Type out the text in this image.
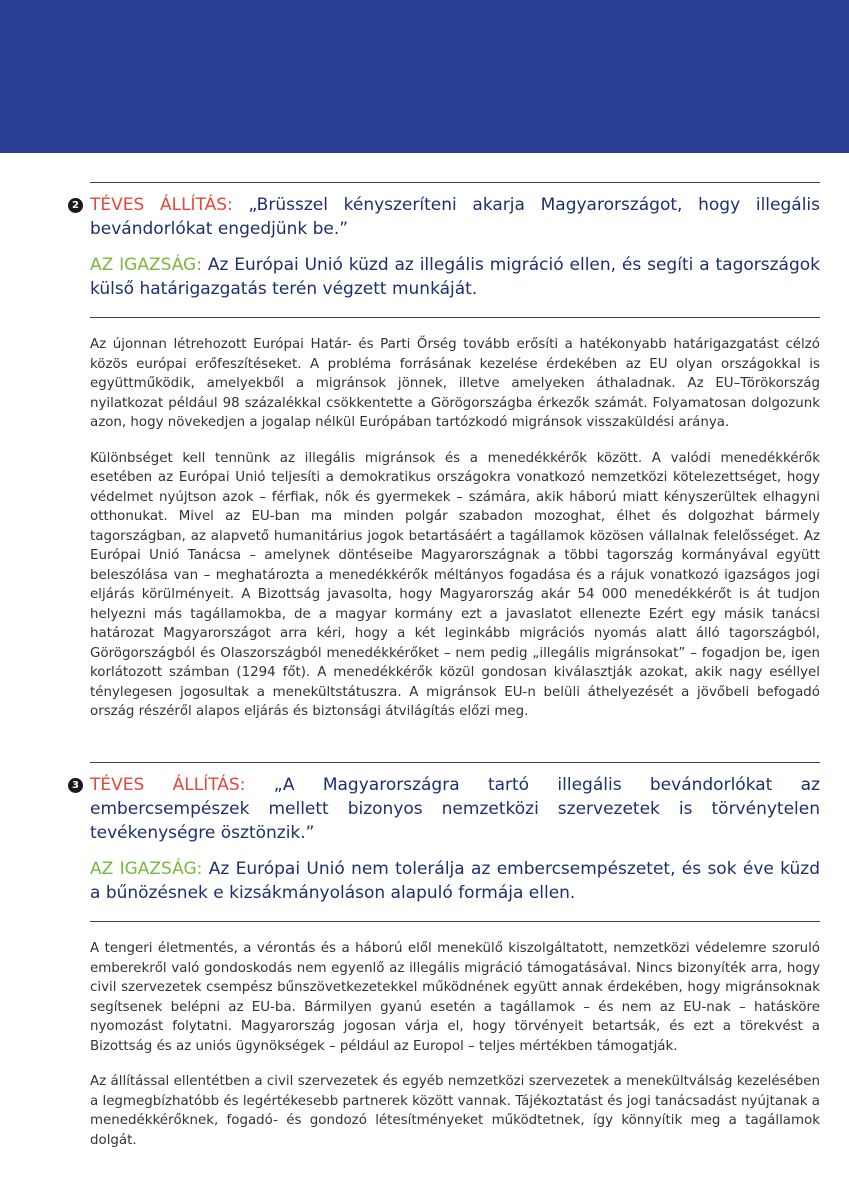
2 TÉVES ÁLLÍTÁS: „Brüsszel kényszeríteni akarja Magyarországot, hogy illegális bevándorlókat engedjünk be.”
AZ IGAZSÁG: Az Európai Unió küzd az illegális migráció ellen, és segíti a tagországok külső határigazgatás terén végzett munkáját.

Az újonnan létrehozott Európai Határ- és Parti Őrség tovább erősíti a hatékonyabb határigazgatást célzó közös európai erőfeszítéseket. A probléma forrásának kezelése érdekében az EU olyan országokkal is együttműködik, amelyekből a migránsok jönnek, illetve amelyeken áthaladnak. Az EU–Törökország nyilatkozat például 98 százalékkal csökkentette a Görögországba érkezők számát. Folyamatosan dolgozunk azon, hogy növekedjen a jogalap nélkül Európában tartózkodó migránsok visszaküldési aránya.

Különbséget kell tennünk az illegális migránsok és a menedékkérők között. A valódi menedékkérők esetében az Európai Unió teljesíti a demokratikus országokra vonatkozó nemzetközi kötelezettséget, hogy védelmet nyújtson azok – férfiak, nők és gyermekek – számára, akik háború miatt kényszerültek elhagyni otthonukat. Mivel az EU-ban ma minden polgár szabadon mozoghat, élhet és dolgozhat bármely tagországban, az alapvető humanitárius jogok betartásáért a tagállamok közösen vállalnak felelősséget. Az Európai Unió Tanácsa – amelynek döntéseibe Magyarországnak a többi tagország kormányával együtt beleszólása van – meghatározta a menedékkérők méltányos fogadása és a rájuk vonatkozó igazságos jogi eljárás körülményeit. A Bizottság javasolta, hogy Magyarország akár 54 000 menedékkérőt is át tudjon helyezni más tagállamokba, de a magyar kormány ezt a javaslatot ellenezte Ezért egy másik tanácsi határozat Magyarországot arra kéri, hogy a két leginkább migrációs nyomás alatt álló tagországból, Görögországból és Olaszországból menedékkérőket – nem pedig „illegális migránsokat” – fogadjon be, igen korlátozott számban (1294 főt). A menedékkérők közül gondosan kiválasztják azokat, akik nagy eséllyel ténylegesen jogosultak a menekültstátuszra. A migránsok EU-n belüli áthelyezését a jövőbeli befogadó ország részéről alapos eljárás és biztonsági átvilágítás előzi meg.

3 TÉVES ÁLLÍTÁS: „A Magyarországra tartó illegális bevándorlókat az embercsempészek mellett bizonyos nemzetközi szervezetek is törvénytelen tevékenységre ösztönzik.”
AZ IGAZSÁG: Az Európai Unió nem tolerálja az embercsempészetet, és sok éve küzd a bűnözésnek e kizsákmányoláson alapuló formája ellen.

A tengeri életmentés, a vérontás és a háború elől menekülő kiszolgáltatott, nemzetközi védelemre szoruló emberekről való gondoskodás nem egyenlő az illegális migráció támogatásával. Nincs bizonyíték arra, hogy civil szervezetek csempész bűnszövetkezetekkel működnének együtt annak érdekében, hogy migránsoknak segítsenek belépni az EU-ba. Bármilyen gyanú esetén a tagállamok – és nem az EU-nak – hatásköre nyomozást folytatni. Magyarország jogosan várja el, hogy törvényeit betartsák, és ezt a törekvést a Bizottság és az uniós ügynökségek – például az Europol – teljes mértékben támogatják.

Az állítással ellentétben a civil szervezetek és egyéb nemzetközi szervezetek a menekültválság kezelésében a legmegbízhatóbb és legértékesebb partnerek között vannak. Tájékoztatást és jogi tanácsadást nyújtanak a menedékkérőknek, fogadó- és gondozó létesítményeket működtetnek, így könnyítik meg a tagállamok dolgát.
